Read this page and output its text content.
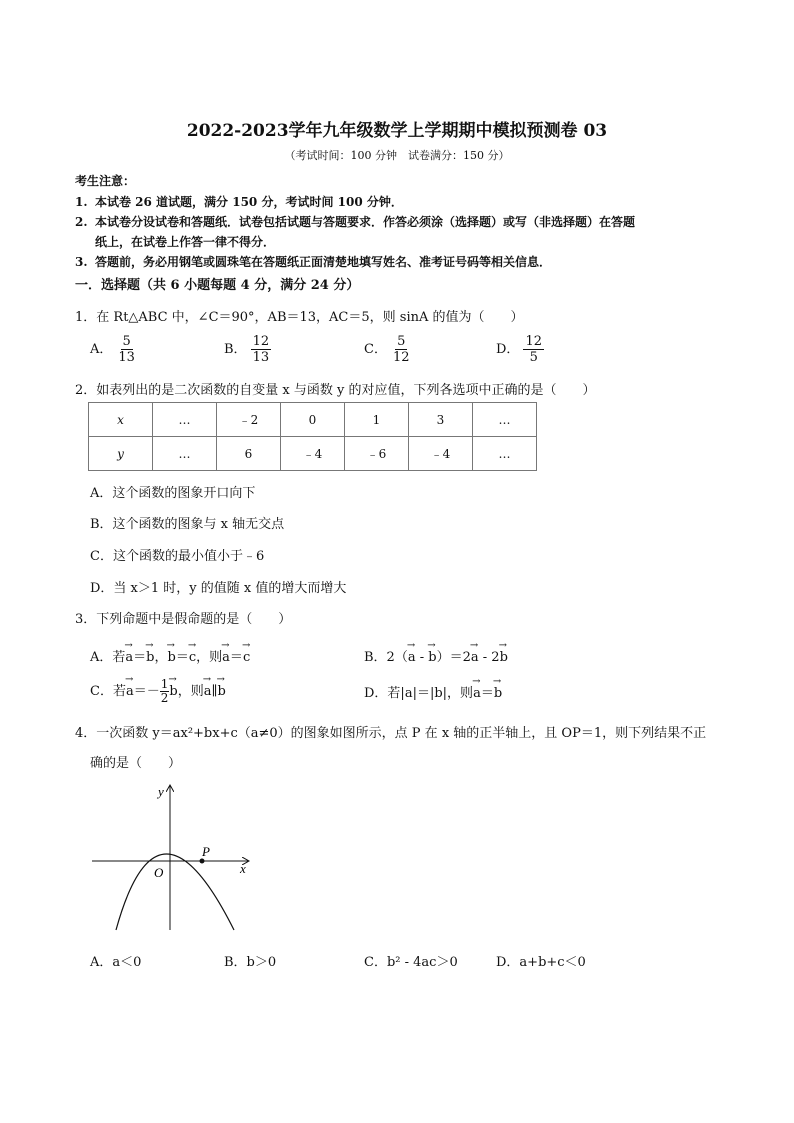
2022-2023学年九年级数学上学期期中模拟预测卷 03
（考试时间：100 分钟　试卷满分：150 分）
考生注意：
1. 本试卷 26 道试题，满分 150 分，考试时间 100 分钟．
2. 本试卷分设试卷和答题纸．试卷包括试题与答题要求．作答必须涂（选择题）或写（非选择题）在答题
纸上，在试卷上作答一律不得分．
3. 答题前，务必用钢笔或圆珠笔在答题纸正面清楚地填写姓名、准考证号码等相关信息．
一．选择题（共 6 小题每题 4 分，满分 24 分）
1．在 Rt△ABC 中，∠C＝90°，AB＝13，AC＝5，则 sinA 的值为（　　）
A． $\frac{5}{13}$	B． $\frac{12}{13}$	C． $\frac{5}{12}$	D． $\frac{12}{5}$
2．如表列出的是二次函数的自变量 x 与函数 y 的对应值，下列各选项中正确的是（　　）
x	…	﹣2	0	1	3	…
y	…	6	﹣4	﹣6	﹣4	…
A．这个函数的图象开口向下
B．这个函数的图象与 x 轴无交点
C．这个函数的最小值小于﹣6
D．当 x＞1 时，y 的值随 x 值的增大而增大
3．下列命题中是假命题的是（　　）
A．若→ a＝→ b，→ b＝→ c，则→ a＝→ c	B．2（→ a - → b）＝2→ a - 2→ b
C．若→ $a=- \frac{1}{2} \to b$，则→ a∥→ b	D．若|a|＝|b|，则→ a＝→ b
4．一次函数 y＝ax²+bx+c（a≠0）的图象如图所示，点 P 在 x 轴的正半轴上，且 OP＝1，则下列结果不正
确的是（　　）
y
x
O
P
A．a＜0	B．b＞0	C．b² - 4ac＞0	D．a+b+c＜0
